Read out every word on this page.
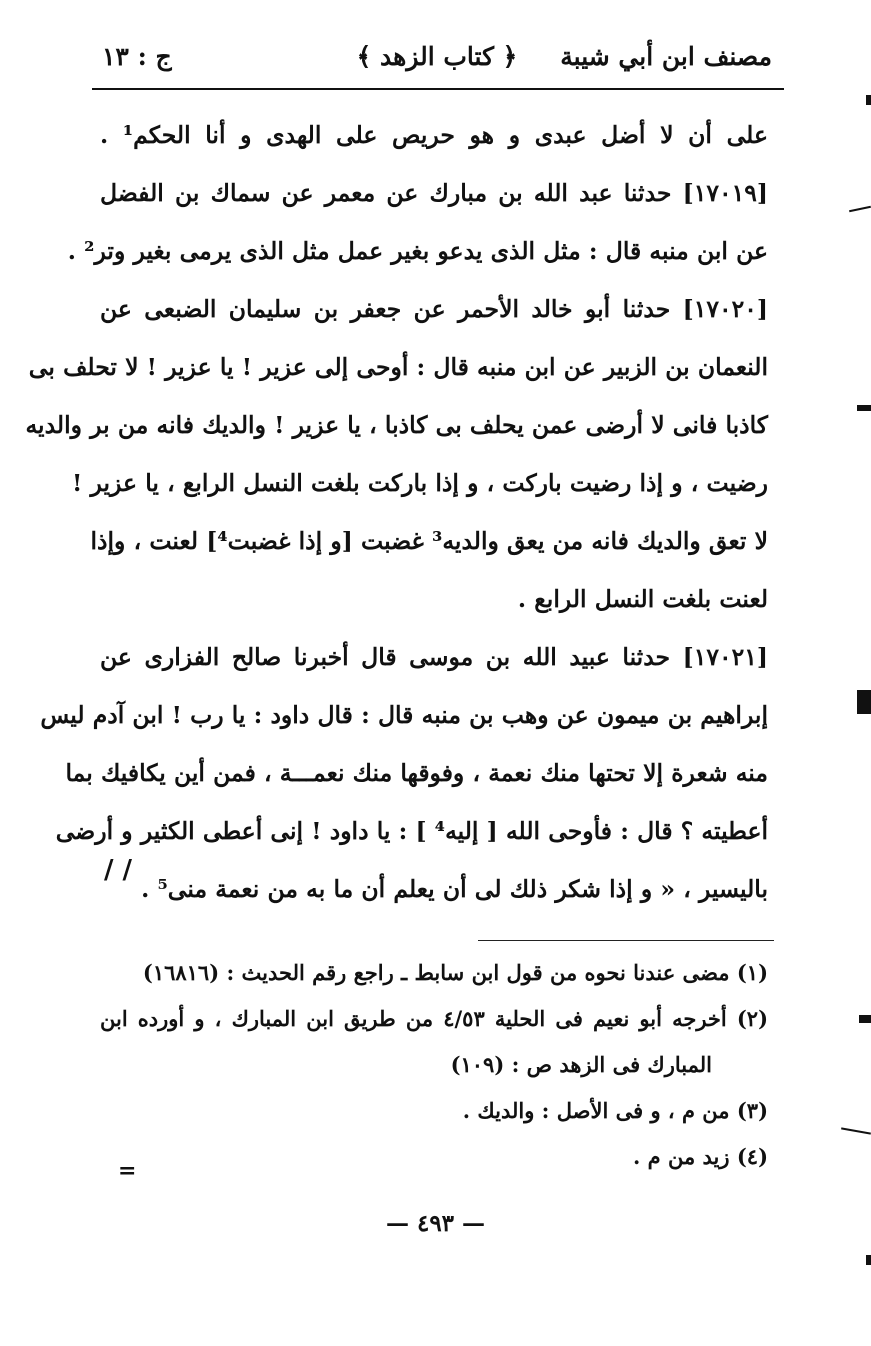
مصنف ابن أبي شيبة
﴿ كتاب الزهد ﴾
ج : ١٣
على أن لا أضل عبدى و هو حريص على الهدى و أنا الحكم¹ .
[١٧٠١٩] حدثنا عبد الله بن مبارك عن معمر عن سماك بن الفضل
عن ابن منبه قال : مثل الذى يدعو بغير عمل مثل الذى يرمى بغير وتر² .
[١٧٠٢٠] حدثنا أبو خالد الأحمر عن جعفر بن سليمان الضبعى عن
النعمان بن الزبير عن ابن منبه قال : أوحى إلى عزير ! يا عزير ! لا تحلف بى
كاذبا فانى لا أرضى عمن يحلف بى كاذبا ، يا عزير ! والديك فانه من بر والديه
رضيت ، و إذا رضيت باركت ، و إذا باركت بلغت النسل الرابع ، يا عزير !
لا تعق والديك فانه من يعق والديه³ غضبت [و إذا غضبت⁴] لعنت ، وإذا
لعنت بلغت النسل الرابع .
[١٧٠٢١] حدثنا عبيد الله بن موسى قال أخبرنا صالح الفزارى عن
إبراهيم بن ميمون عن وهب بن منبه قال : قال داود : يا رب ! ابن آدم ليس
منه شعرة إلا تحتها منك نعمة ، وفوقها منك نعمـــة ، فمن أين يكافيك بما
أعطيته ؟ قال : فأوحى الله [ إليه⁴ ] : يا داود ! إنى أعطى الكثير و أرضى
باليسير ، « و إذا شكر ذلك لى أن يعلم أن ما به من نعمة منى⁵ .
/ /
(١) مضى عندنا نحوه من قول ابن سابط ـ راجع رقم الحديث : (١٦٨١٦)
(٢) أخرجه أبو نعيم فى الحلية ٤/٥٣ من طريق ابن المبارك ، و أورده ابن
المبارك فى الزهد ص : (١٠٩)
(٣) من م ، و فى الأصل : والديك .
(٤) زيد من م .
=
— ٤٩٣ —
